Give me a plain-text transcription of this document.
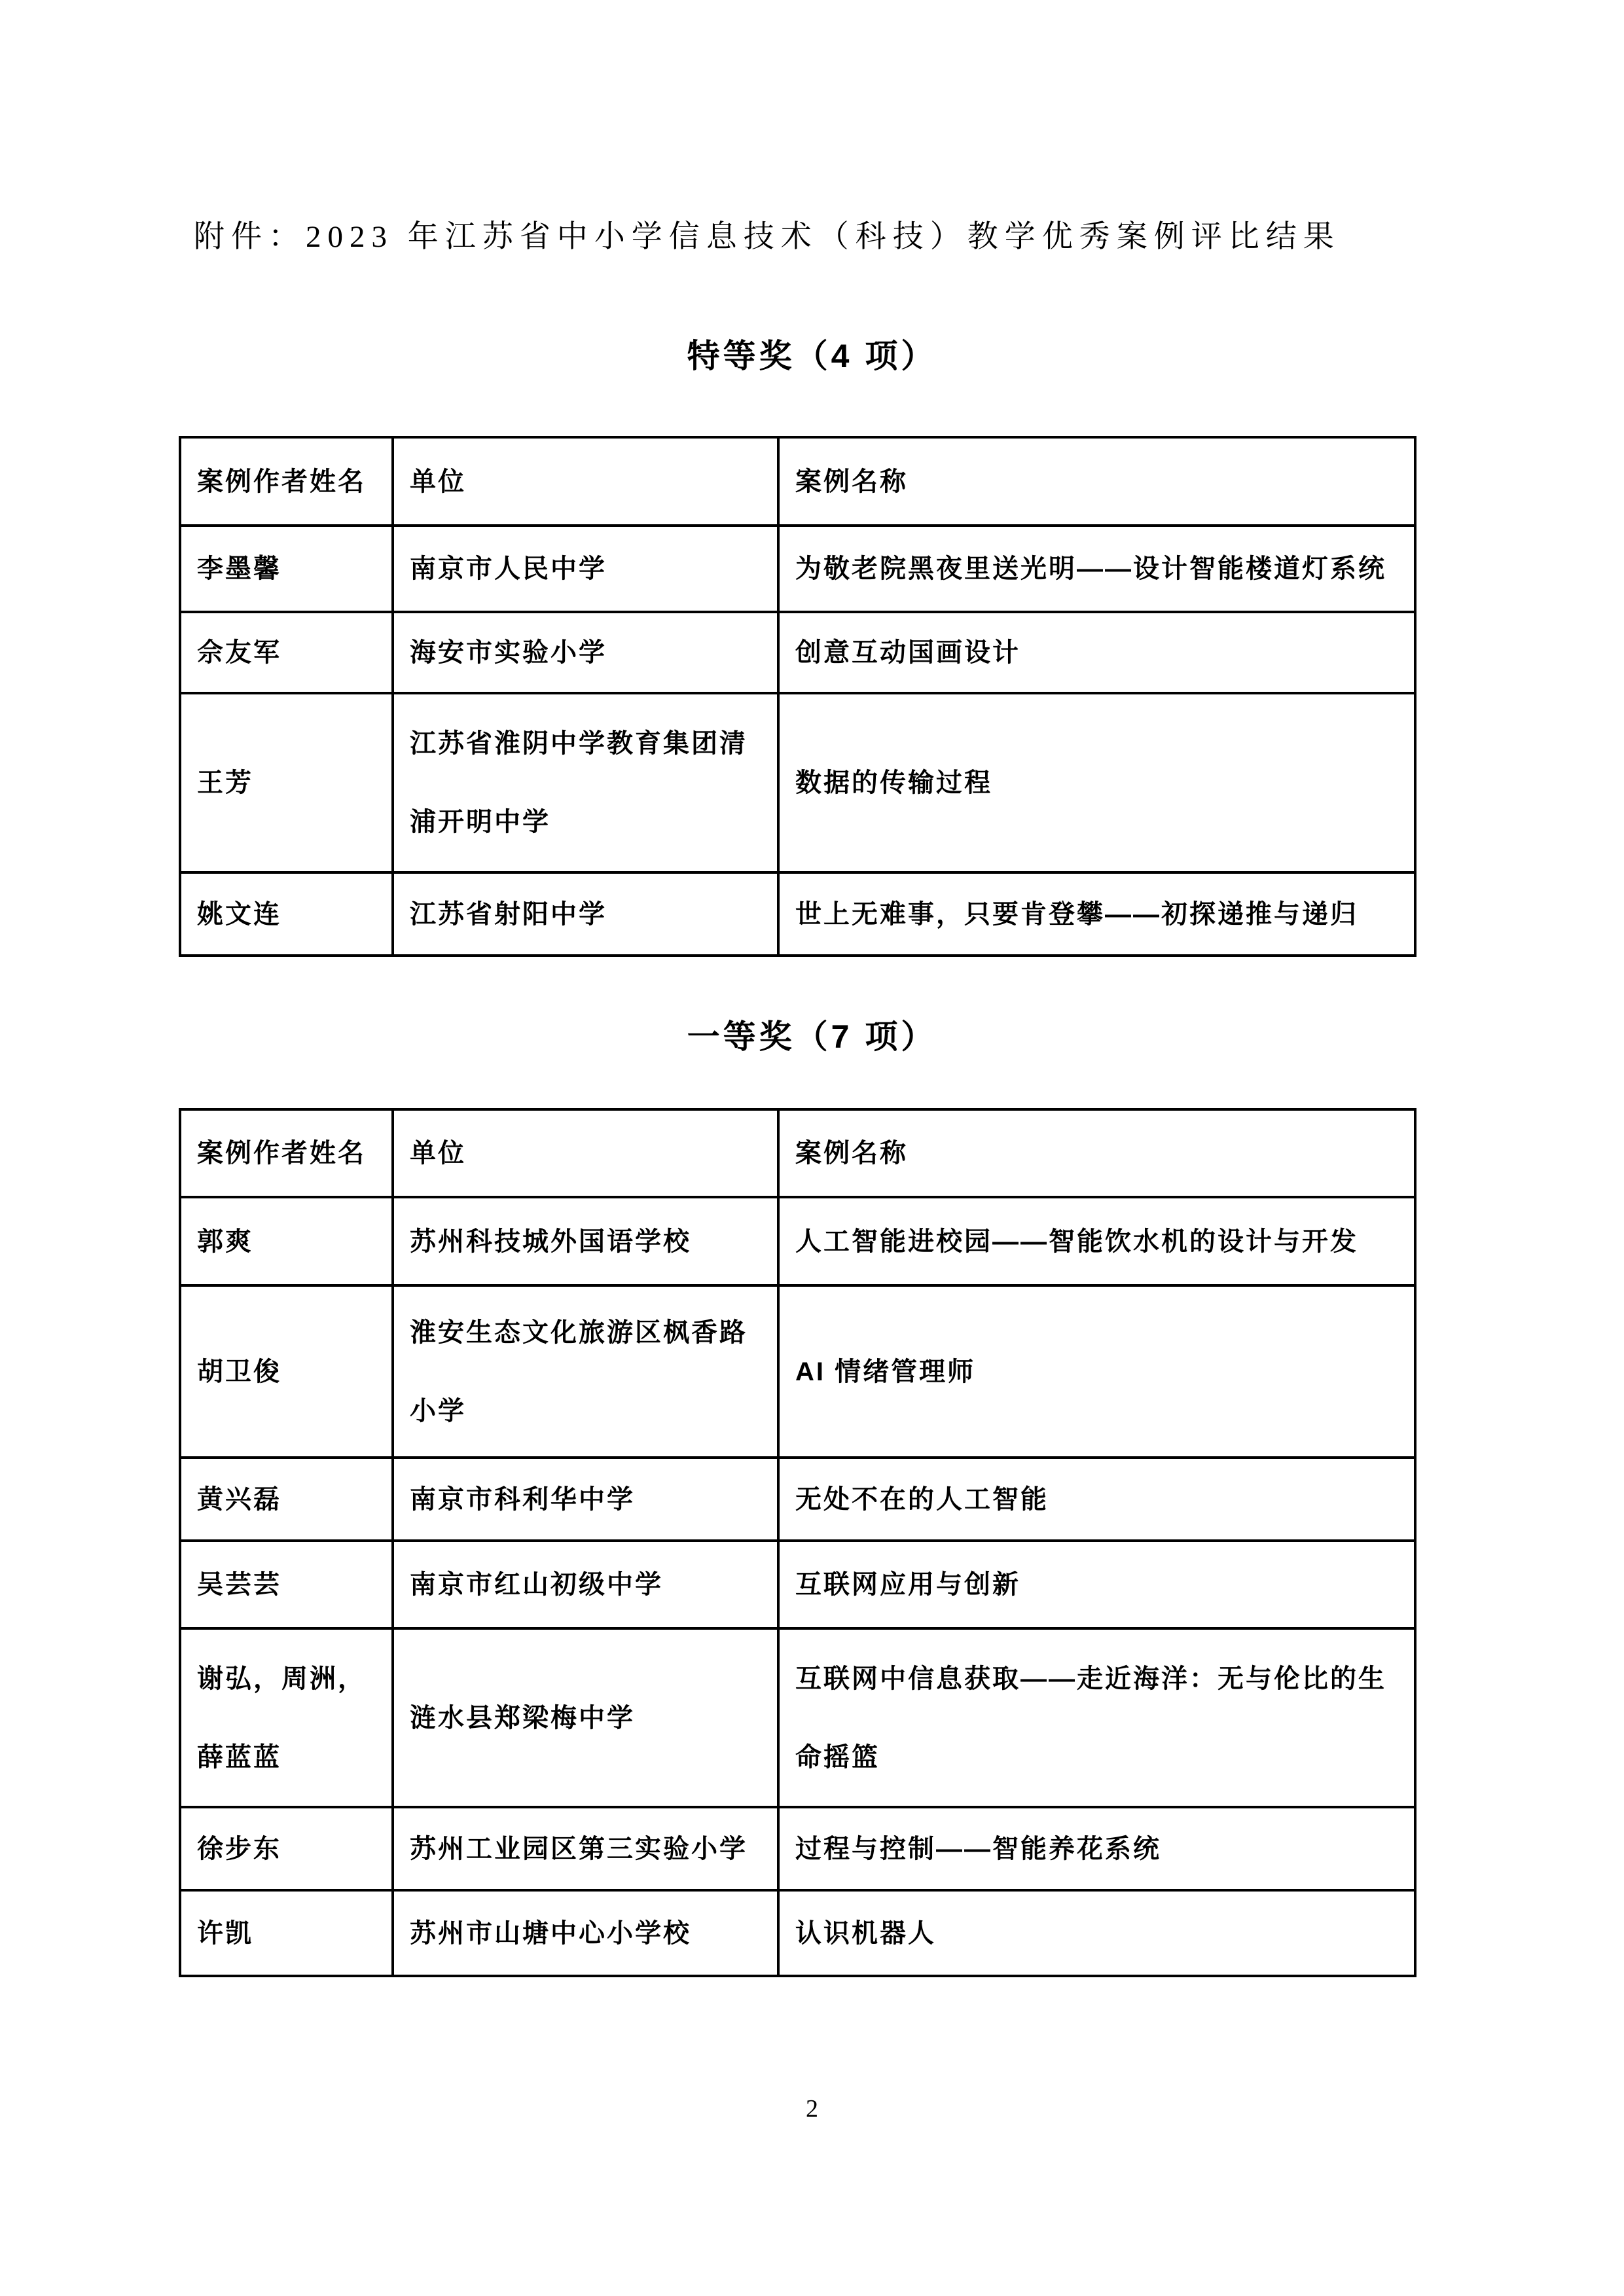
附件：2023 年江苏省中小学信息技术（科技）教学优秀案例评比结果
特等奖（4 项）
案例作者姓名	单位	案例名称
李墨馨	南京市人民中学	为敬老院黑夜里送光明——设计智能楼道灯系统
佘友军	海安市实验小学	创意互动国画设计
王芳	江苏省淮阴中学教育集团清浦开明中学	数据的传输过程
姚文连	江苏省射阳中学	世上无难事，只要肯登攀——初探递推与递归
一等奖（7 项）
案例作者姓名	单位	案例名称
郭爽	苏州科技城外国语学校	人工智能进校园——智能饮水机的设计与开发
胡卫俊	淮安生态文化旅游区枫香路小学	AI 情绪管理师
黄兴磊	南京市科利华中学	无处不在的人工智能
吴芸芸	南京市红山初级中学	互联网应用与创新
谢弘，周洲，薛蓝蓝	涟水县郑梁梅中学	互联网中信息获取——走近海洋：无与伦比的生命摇篮
徐步东	苏州工业园区第三实验小学	过程与控制——智能养花系统
许凯	苏州市山塘中心小学校	认识机器人
2
